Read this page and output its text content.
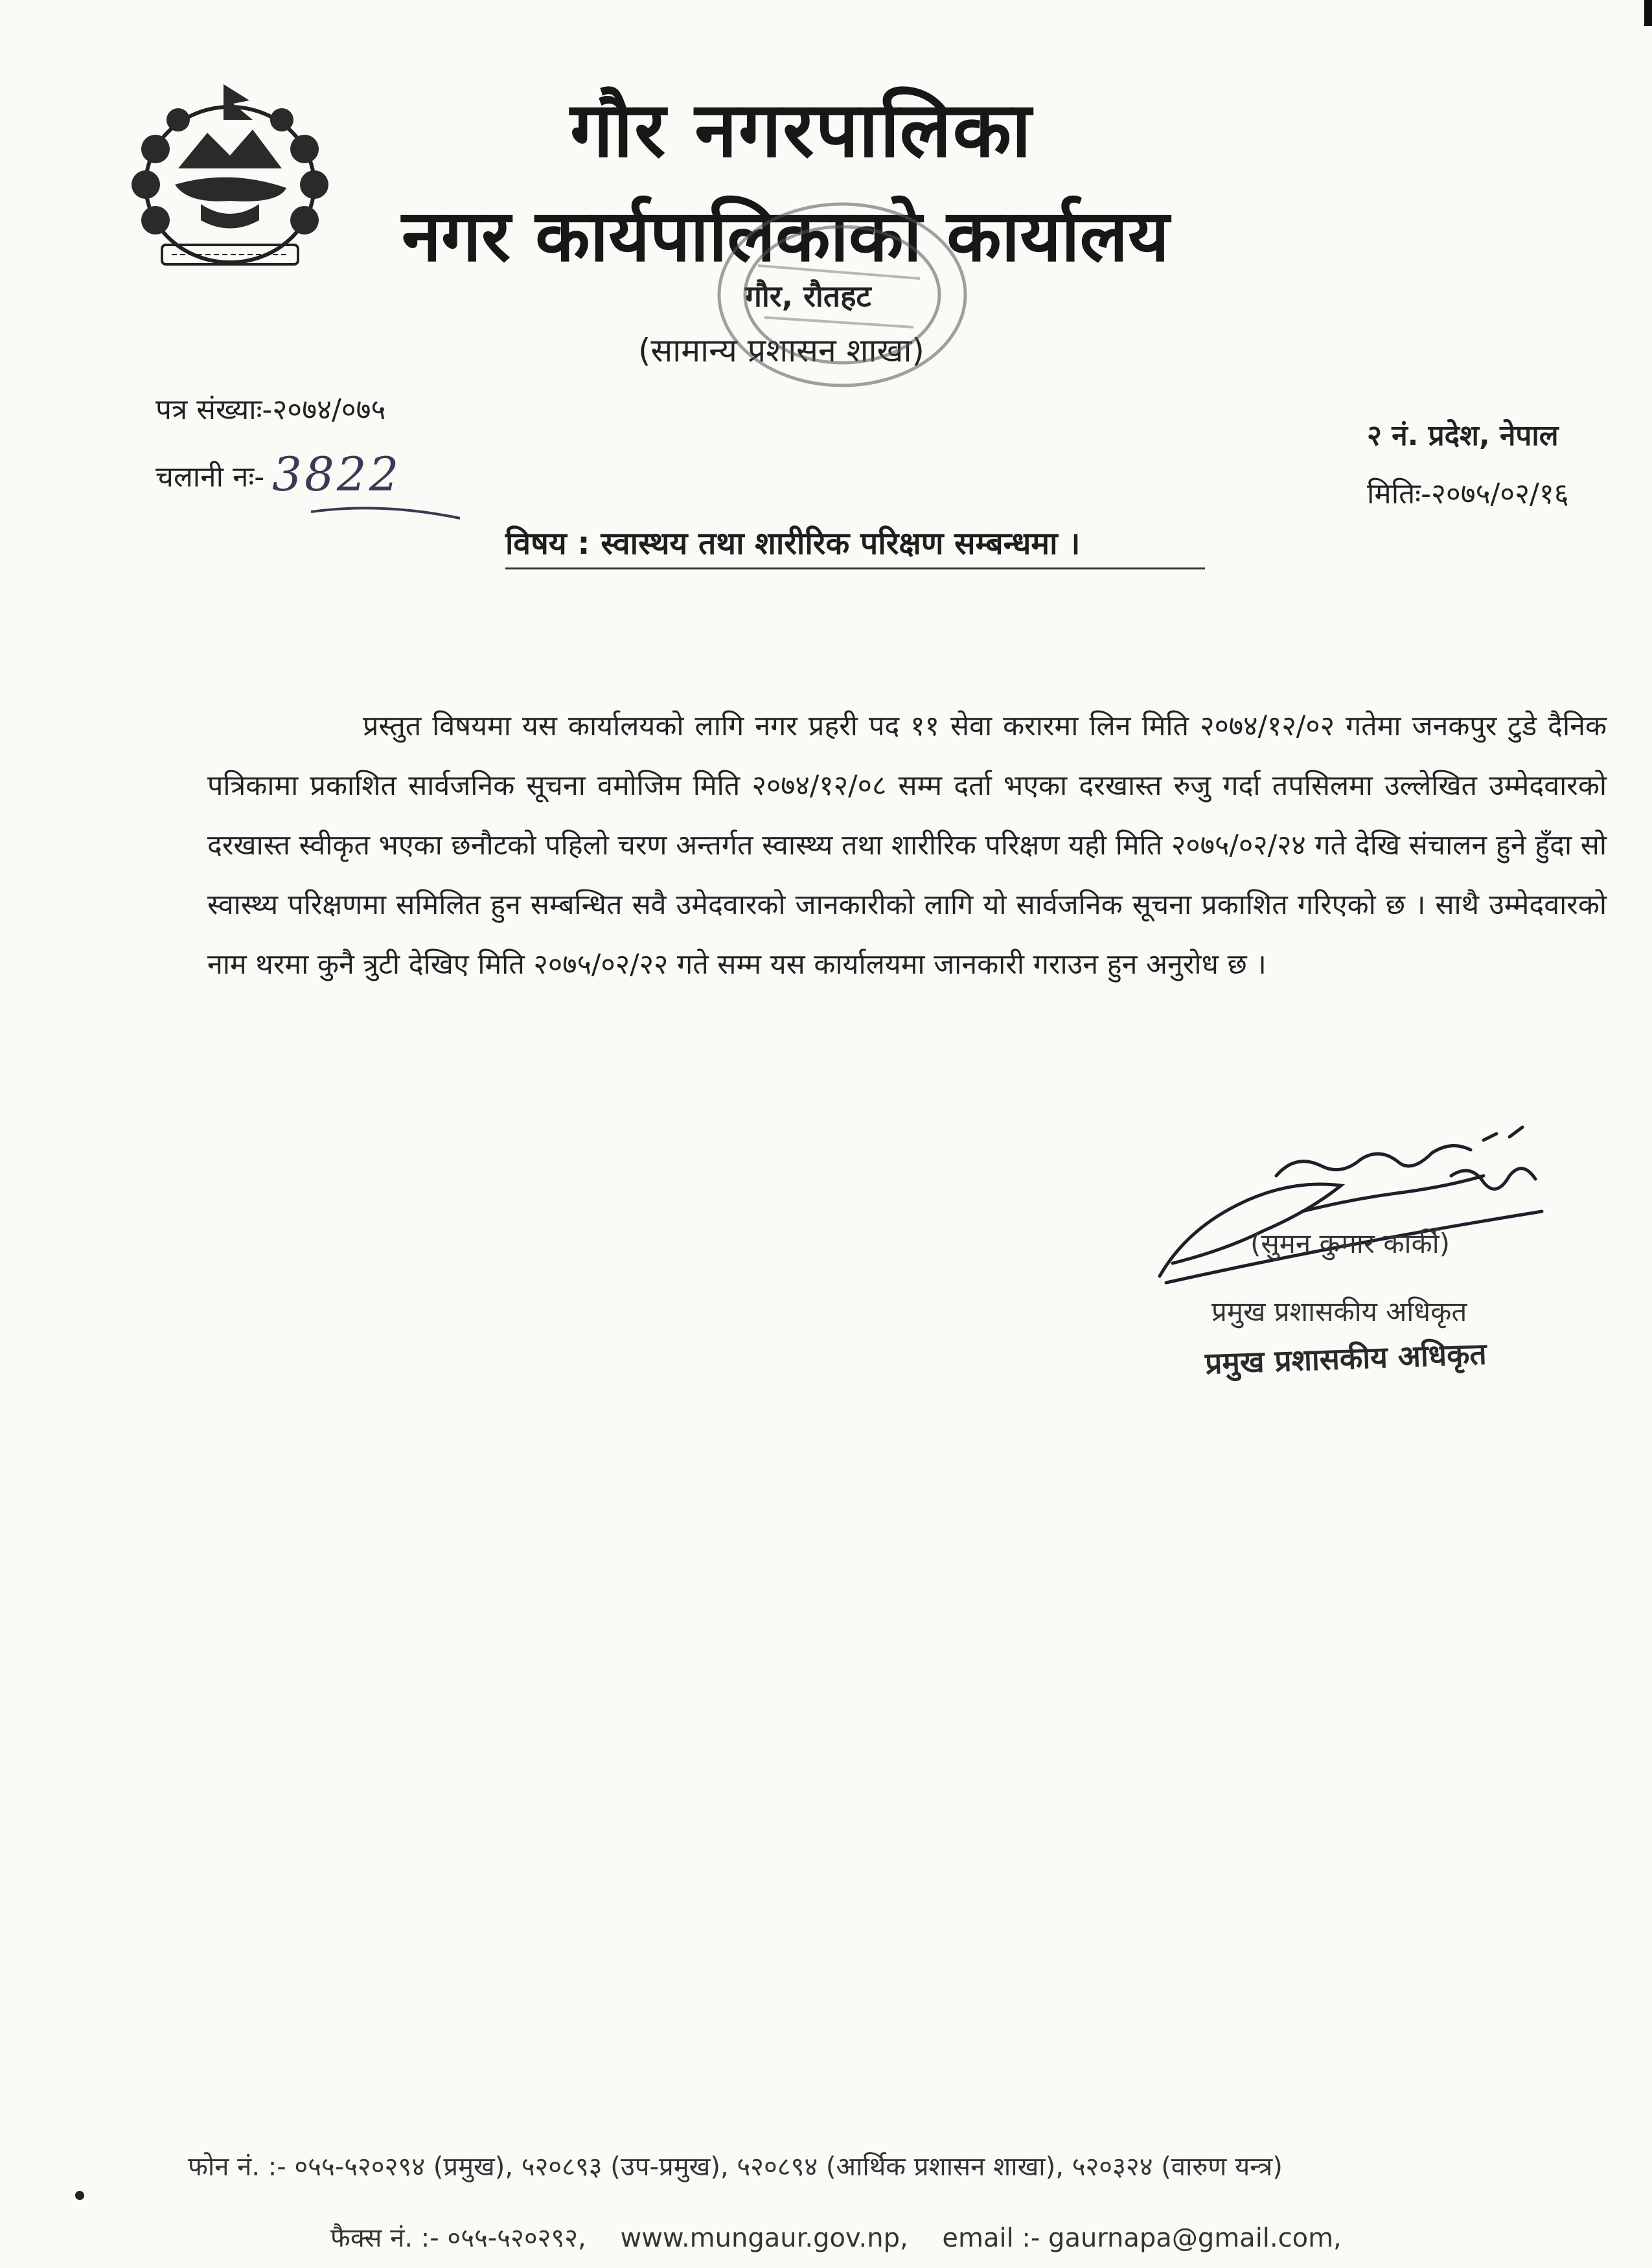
गौर नगरपालिका
नगर कार्यपालिकाको कार्यालय
गौर, रौतहट
(सामान्य प्रशासन शाखा)
पत्र संख्याः-२०७४/०७५
चलानी नः- 3822
२ नं. प्रदेश, नेपाल
मितिः-२०७५/०२/१६
विषय : स्वास्थय तथा शारीरिक परिक्षण सम्बन्धमा ।
प्रस्तुत विषयमा यस कार्यालयको लागि नगर प्रहरी पद ११ सेवा करारमा लिन मिति २०७४/१२/०२ गतेमा जनकपुर टुडे दैनिक पत्रिकामा प्रकाशित सार्वजनिक सूचना वमोजिम मिति २०७४/१२/०८ सम्म दर्ता भएका दरखास्त रुजु गर्दा तपसिलमा उल्लेखित उम्मेदवारको दरखास्त स्वीकृत भएका छनौटको पहिलो चरण अन्तर्गत स्वास्थ्य तथा शारीरिक परिक्षण यही मिति २०७५/०२/२४ गते देखि संचालन हुने हुँदा सो स्वास्थ्य परिक्षणमा समिलित हुन सम्बन्धित सवै उमेदवारको जानकारीको लागि यो सार्वजनिक सूचना प्रकाशित गरिएको छ । साथै उम्मेदवारको नाम थरमा कुनै त्रुटी देखिए मिति २०७५/०२/२२ गते सम्म यस कार्यालयमा जानकारी गराउन हुन अनुरोध छ ।
(सुमन कुमार कार्की)
प्रमुख प्रशासकीय अधिकृत
प्रमुख प्रशासकीय अधिकृत
फोन नं. :- ०५५-५२०२९४ (प्रमुख), ५२०८९३ (उप-प्रमुख), ५२०८९४ (आर्थिक प्रशासन शाखा), ५२०३२४ (वारुण यन्त्र)
फैक्स नं. :- ०५५-५२०२९२, www.mungaur.gov.np, email :- gaurnapa@gmail.com,
